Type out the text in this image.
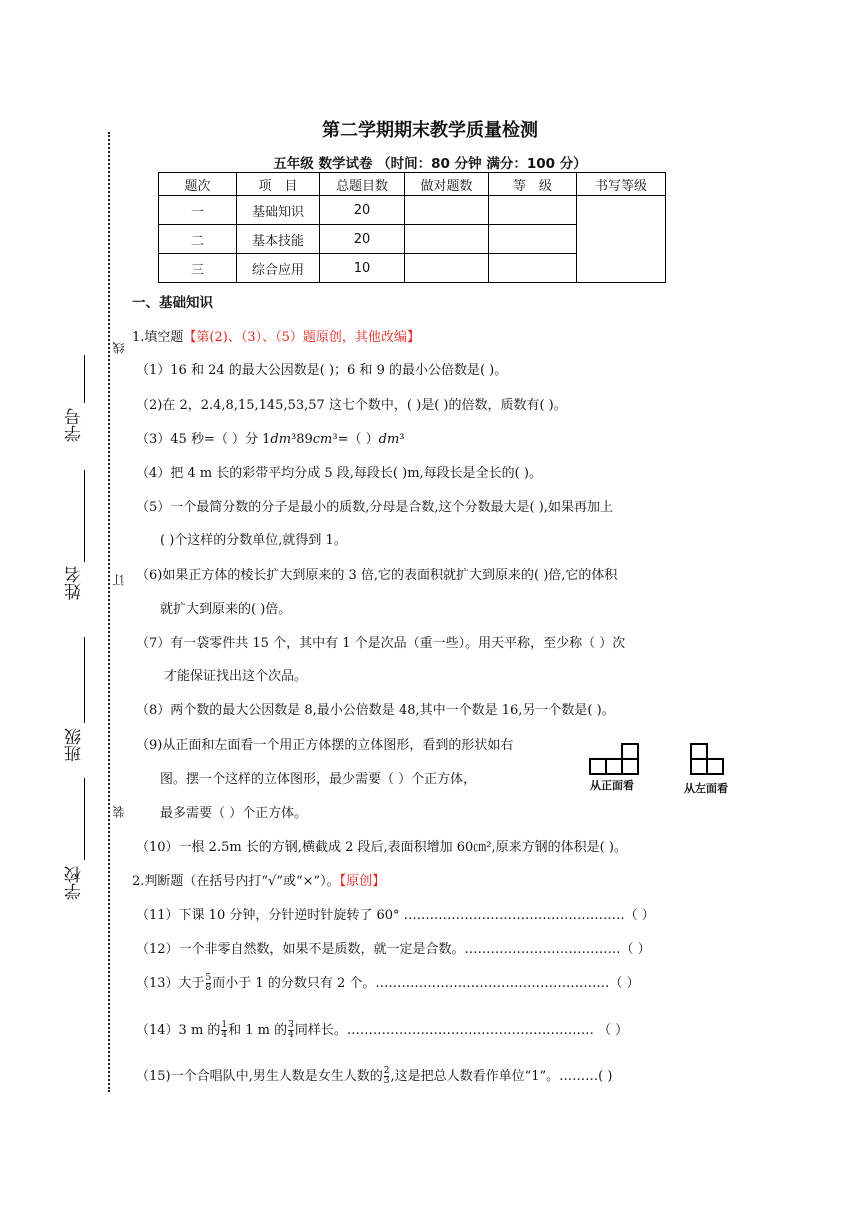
线
订
装
学号
姓名
班级
学校
第二学期期末教学质量检测
五年级 数学试卷 （时间：80 分钟 满分：100 分）
题次	项　目	总题目数	做对题数	等　级	书写等级
一	基础知识	20			
二	基本技能	20			
三	综合应用	10			
一、基础知识
1.填空题【第(2)、（3）、（5）题原创，其他改编】
（1）16 和 24 的最大公因数是( )；6 和 9 的最小公倍数是( )。
（2)在 2，2.4,8,15,145,53,57 这七个数中，( )是( )的倍数，质数有( )。
（3）45 秒=（ ）分 1𝑑𝑚³89𝑐𝑚³=（ ）𝑑𝑚³
（4）把 4 m 长的彩带平均分成 5 段,每段长( )m,每段长是全长的( )。
（5）一个最简分数的分子是最小的质数,分母是合数,这个分数最大是( ),如果再加上
( )个这样的分数单位,就得到 1。
（6)如果正方体的棱长扩大到原来的 3 倍,它的表面积就扩大到原来的( )倍,它的体积
就扩大到原来的( )倍。
（7）有一袋零件共 15 个，其中有 1 个是次品（重一些）。用天平称，至少称（ ）次
才能保证找出这个次品。
（8）两个数的最大公因数是 8,最小公倍数是 48,其中一个数是 16,另一个数是( )。
（9)从正面和左面看一个用正方体摆的立体图形，看到的形状如右
图。摆一个这样的立体图形，最少需要（ ）个正方体，
最多需要（ ）个正方体。
从正面看	从左面看
（10）一根 2.5m 长的方钢,横截成 2 段后,表面积增加 60㎝²,原来方钢的体积是( )。
2.判断题（在括号内打“√”或“×”）。【原创】
（11）下课 10 分钟，分针逆时针旋转了 60° ……………………………………………（ ）
（12）一个非零自然数，如果不是质数，就一定是合数。………………………………（ ）
（13）大于 $\frac{5}{8}$ 而小于 1 的分数只有 2 个。………………………………………………（ ）
（14）3 m 的 $\frac{1}{4}$ 和 1 m 的 $\frac{3}{4}$ 同样长。………………………………………………… （ ）
（15)一个合唱队中,男生人数是女生人数的 $\frac{2}{3}$ ,这是把总人数看作单位“1”。………( )
